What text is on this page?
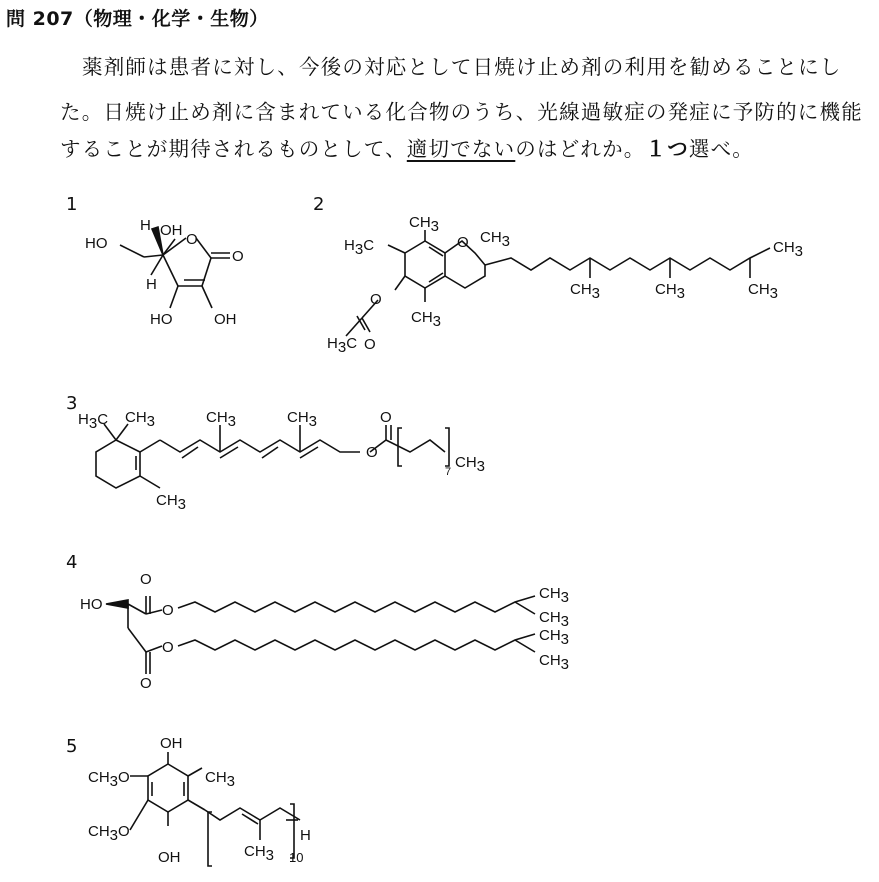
問 207（物理・化学・生物）
薬剤師は患者に対し、今後の対応として日焼け止め剤の利用を勧めることにし
た。日焼け止め剤に含まれている化合物のうち、光線過敏症の発症に予防的に機能
することが期待されるものとして、適切でないのはどれか。１つ選べ。
1	2
3
4
5
O
O
OH
H
H
HO
HO	OH
O
CH3
CH3
H3C
O
CH3
H3C O
CH3
CH3	CH3	CH3
O
O
H3C CH3	CH3	CH3
CH3
7
CH3
HO
O
O
O
O
CH3
CH3
CH3
CH3
OH
OH
CH3
CH3O
CH3O
CH3 10
H
